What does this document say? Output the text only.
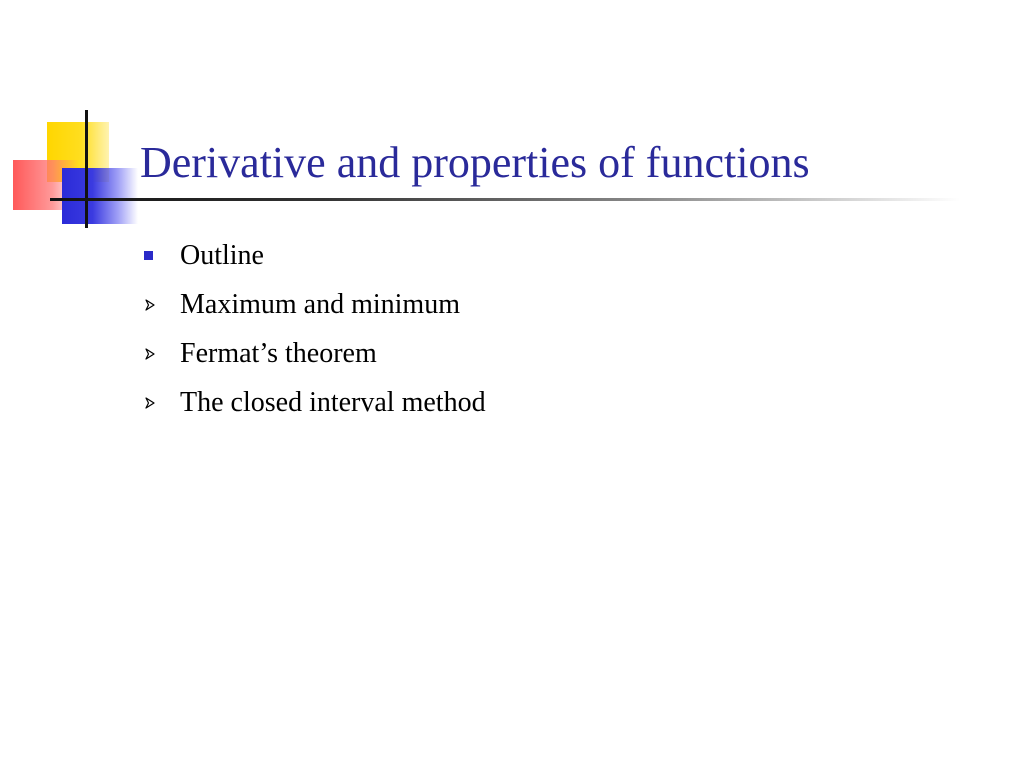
Derivative and properties of functions
Outline
Maximum and minimum
Fermat’s theorem
The closed interval method
